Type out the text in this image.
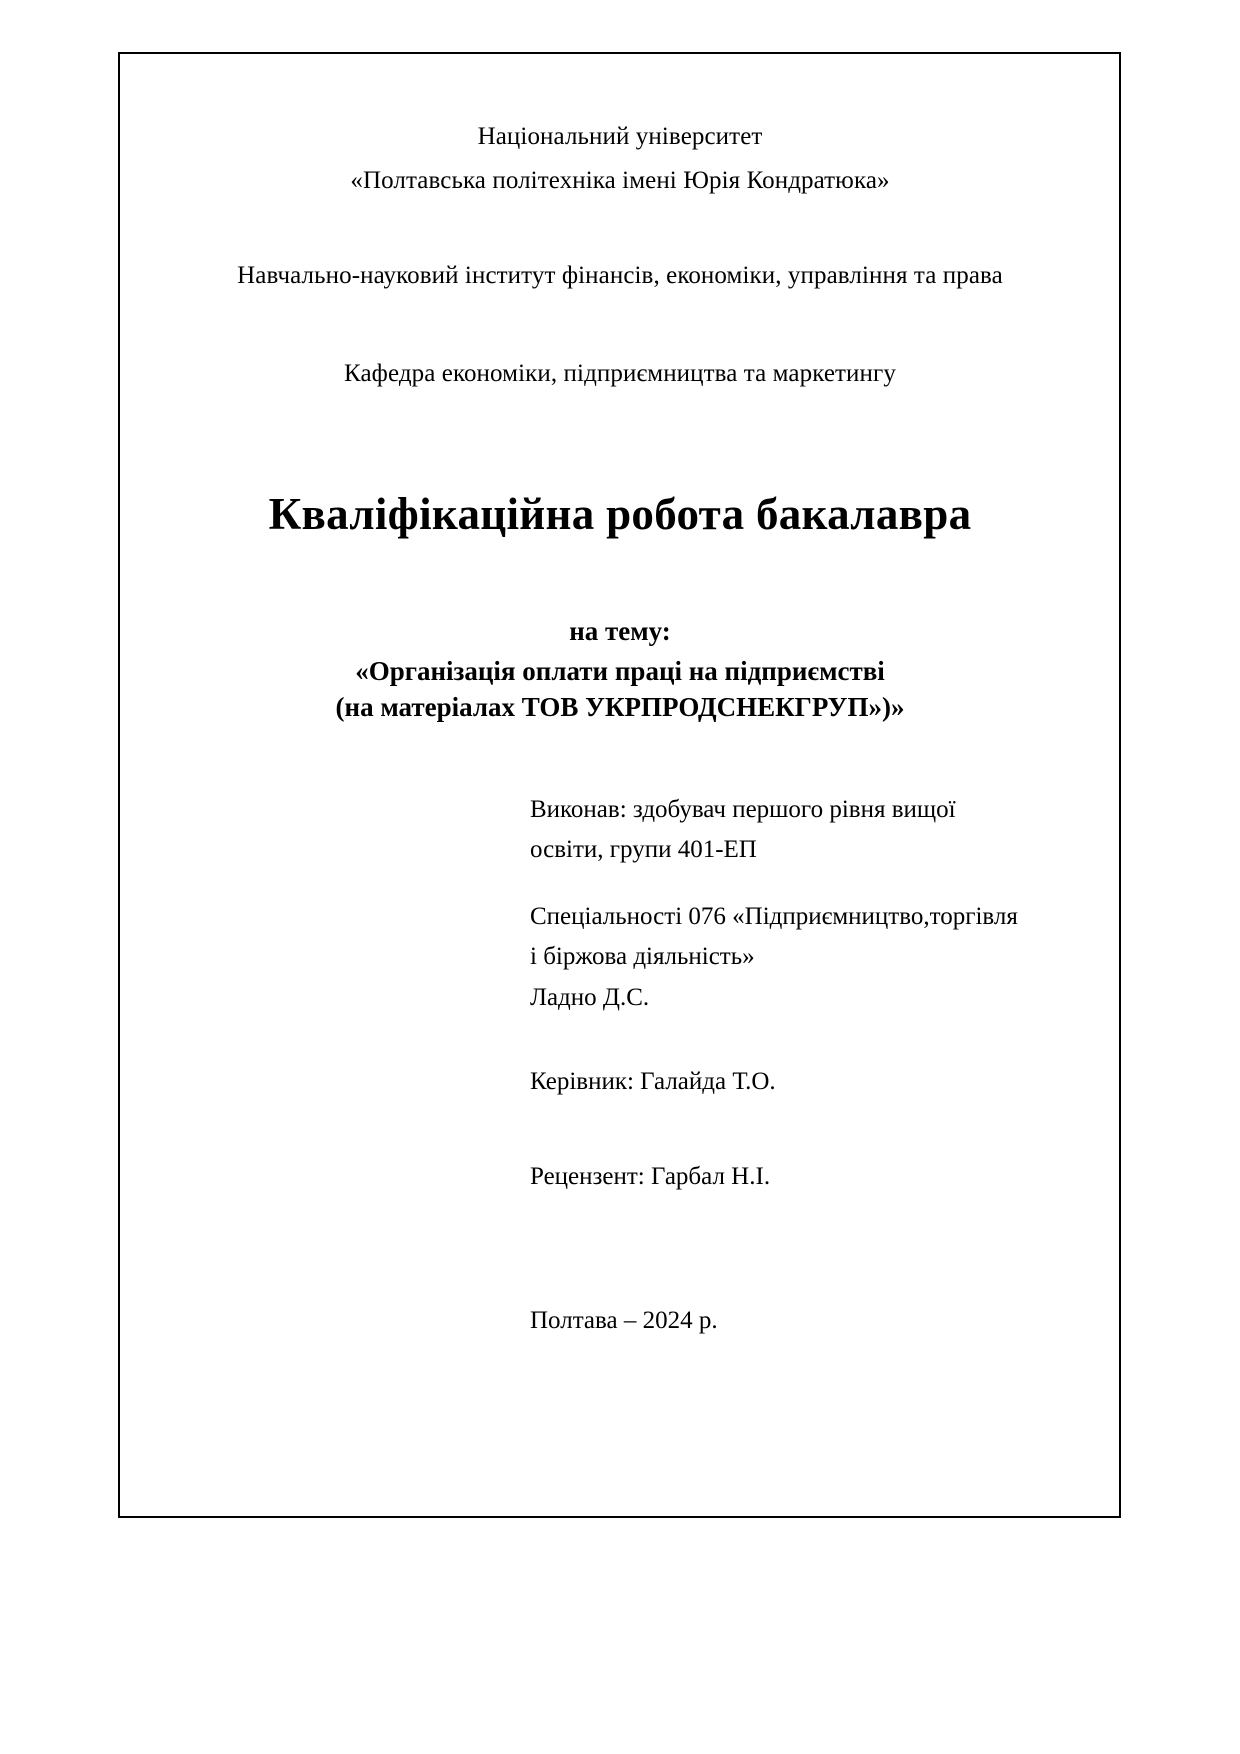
Національний університет
«Полтавська політехніка імені Юрія Кондратюка»
Навчально-науковий інститут фінансів, економіки, управління та права
Кафедра економіки, підприємництва та маркетингу
Кваліфікаційна робота бакалавра
на тему:
«Організація оплати праці на підприємстві
(на матеріалах ТОВ УКРПРОДСНЕКГРУП»)»
Виконав: здобувач першого рівня вищої
освіти, групи 401-ЕП
Спеціальності 076 «Підприємництво,торгівля
і біржова діяльність»
Ладно Д.С.
Керівник: Галайда Т.О.
Рецензент: Гарбал Н.І.
Полтава – 2024 р.
